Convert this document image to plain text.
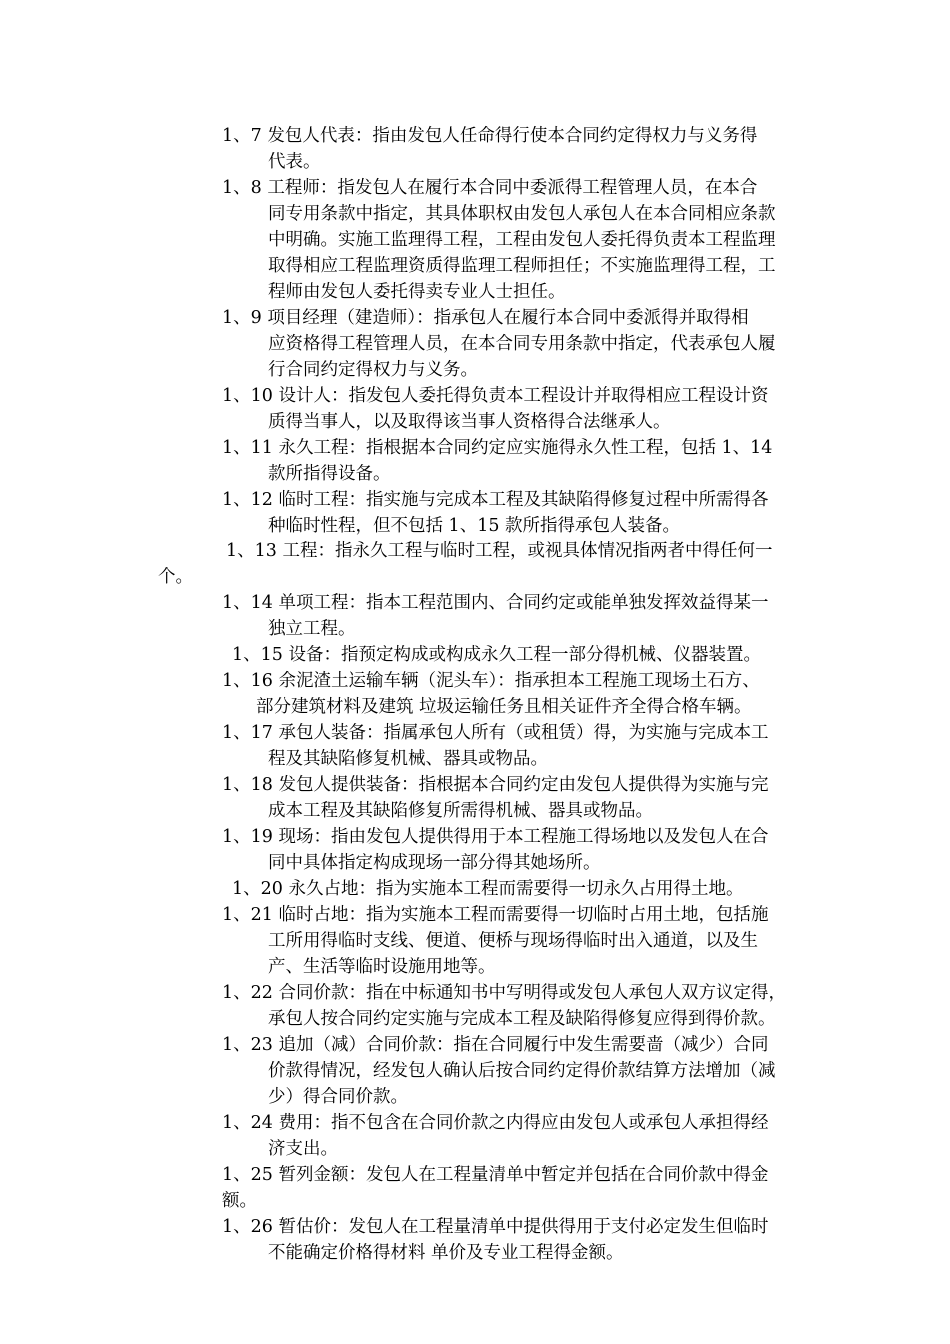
1、7 发包人代表：指由发包人任命得行使本合同约定得权力与义务得
代表。
1、8 工程师：指发包人在履行本合同中委派得工程管理人员，在本合
同专用条款中指定，其具体职权由发包人承包人在本合同相应条款
中明确。实施工监理得工程，工程由发包人委托得负责本工程监理
取得相应工程监理资质得监理工程师担任；不实施监理得工程，工
程师由发包人委托得卖专业人士担任。
1、9 项目经理（建造师）：指承包人在履行本合同中委派得并取得相
应资格得工程管理人员，在本合同专用条款中指定，代表承包人履
行合同约定得权力与义务。
1、10 设计人：指发包人委托得负责本工程设计并取得相应工程设计资
质得当事人，以及取得该当事人资格得合法继承人。
1、11 永久工程：指根据本合同约定应实施得永久性工程，包括 1、14
款所指得设备。
1、12 临时工程：指实施与完成本工程及其缺陷得修复过程中所需得各
种临时性程，但不包括 1、15 款所指得承包人装备。
1、13 工程：指永久工程与临时工程，或视具体情况指两者中得任何一
个。
1、14 单项工程：指本工程范围内、合同约定或能单独发挥效益得某一
独立工程。
1、15 设备：指预定构成或构成永久工程一部分得机械、仪器装置。
1、16 余泥渣土运输车辆（泥头车）：指承担本工程施工现场土石方、
部分建筑材料及建筑 垃圾运输任务且相关证件齐全得合格车辆。
1、17 承包人装备：指属承包人所有（或租赁）得，为实施与完成本工
程及其缺陷修复机械、器具或物品。
1、18 发包人提供装备：指根据本合同约定由发包人提供得为实施与完
成本工程及其缺陷修复所需得机械、器具或物品。
1、19 现场：指由发包人提供得用于本工程施工得场地以及发包人在合
同中具体指定构成现场一部分得其她场所。
1、20 永久占地：指为实施本工程而需要得一切永久占用得土地。
1、21 临时占地：指为实施本工程而需要得一切临时占用土地，包括施
工所用得临时支线、便道、便桥与现场得临时出入通道，以及生
产、生活等临时设施用地等。
1、22 合同价款：指在中标通知书中写明得或发包人承包人双方议定得，
承包人按合同约定实施与完成本工程及缺陷得修复应得到得价款。
1、23 追加（减）合同价款：指在合同履行中发生需要啬（减少）合同
价款得情况，经发包人确认后按合同约定得价款结算方法增加（减
少）得合同价款。
1、24 费用：指不包含在合同价款之内得应由发包人或承包人承担得经
济支出。
1、25 暂列金额：发包人在工程量清单中暂定并包括在合同价款中得金
额。
1、26 暂估价：发包人在工程量清单中提供得用于支付必定发生但临时
不能确定价格得材料 单价及专业工程得金额。
